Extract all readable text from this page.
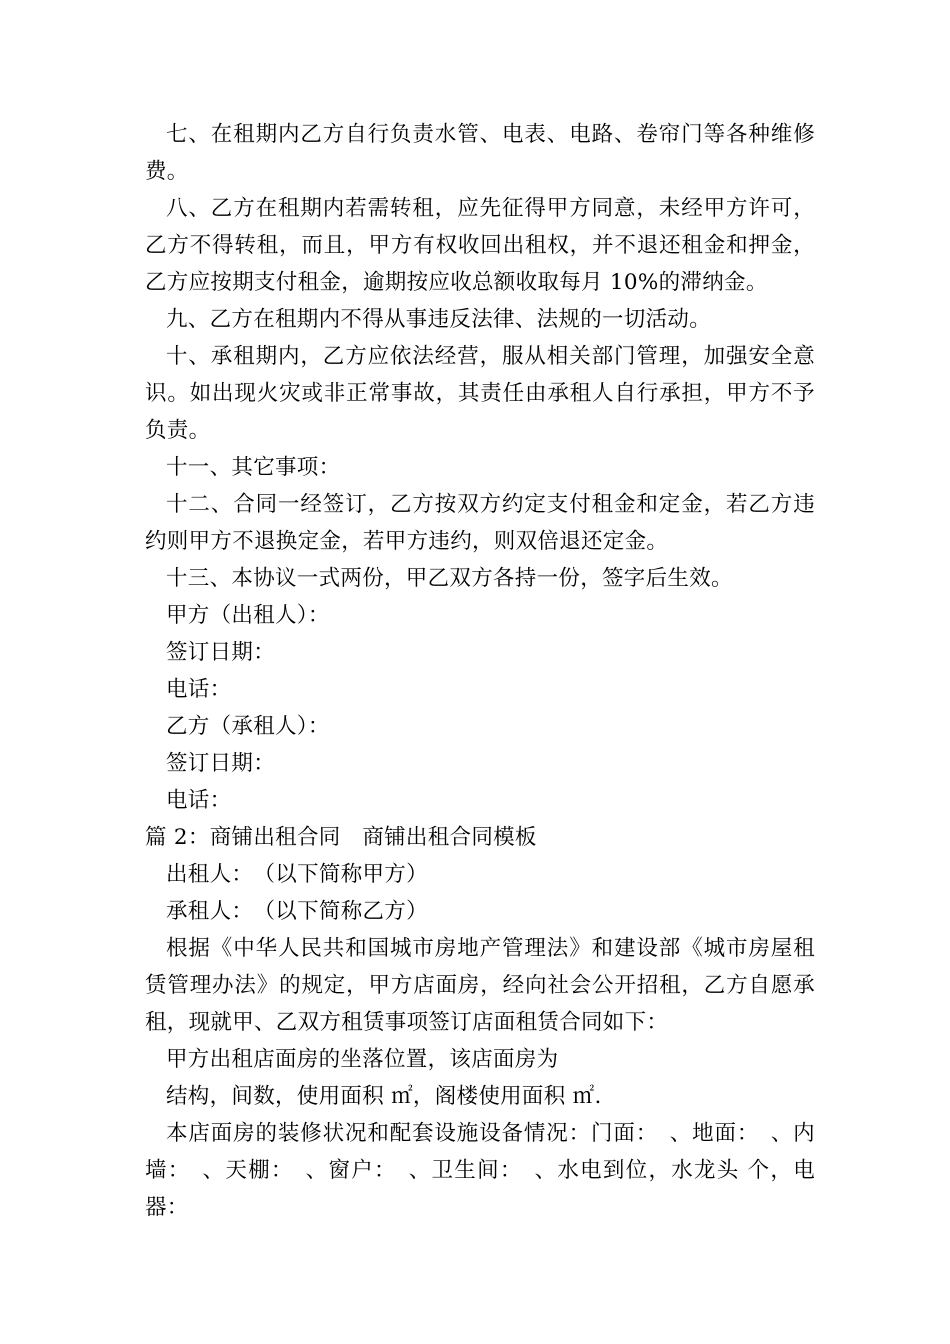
七、在租期内乙方自行负责水管、电表、电路、卷帘门等各种维修费。

八、乙方在租期内若需转租，应先征得甲方同意，未经甲方许可，乙方不得转租，而且，甲方有权收回出租权，并不退还租金和押金，乙方应按期支付租金，逾期按应收总额收取每月 10%的滞纳金。

九、乙方在租期内不得从事违反法律、法规的一切活动。

十、承租期内，乙方应依法经营，服从相关部门管理，加强安全意识。如出现火灾或非正常事故，其责任由承租人自行承担，甲方不予负责。

十一、其它事项：

十二、合同一经签订，乙方按双方约定支付租金和定金，若乙方违约则甲方不退换定金，若甲方违约，则双倍退还定金。

十三、本协议一式两份，甲乙双方各持一份，签字后生效。

甲方（出租人）：

签订日期：

电话：

乙方（承租人）：

签订日期：

电话：

篇 2：商铺出租合同　商铺出租合同模板

出租人：　（以下简称甲方）

承租人：　（以下简称乙方）

根据《中华人民共和国城市房地产管理法》和建设部《城市房屋租赁管理办法》的规定，甲方店面房，经向社会公开招租，乙方自愿承租，现就甲、乙双方租赁事项签订店面租赁合同如下：

甲方出租店面房的坐落位置，该店面房为

结构，间数，使用面积 ㎡，阁楼使用面积 ㎡.

本店面房的装修状况和配套设施设备情况：门面：　、地面：　、内墙：　、天棚：　、窗户：　、卫生间：　、水电到位，水龙头 个，电器：
